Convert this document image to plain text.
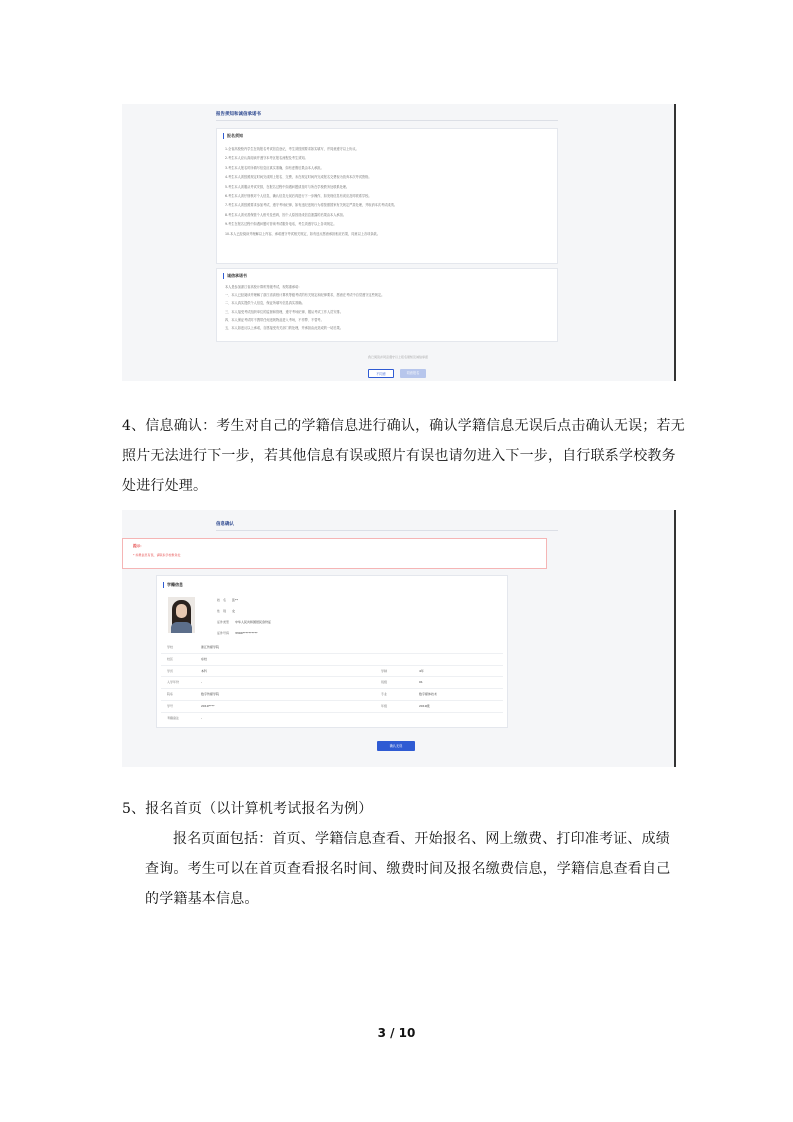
报告须知和诚信承诺书
报名须知
1.全省高校校内学生在线报名考试信息登记，考生须按照要求如实填写，并同意遵守以上协议。
2.考生本人应认真阅读并遵守本考区报名流程及考生须知。
3.考生本人报名时所填写信息应真实准确，如有虚假后果由本人承担。
4.考生本人须按照规定时间完成网上报名、交费，未在规定时间内完成报名交费视为放弃本次考试资格。
5.考生本人须服从考试安排，在报名过程中如遇问题请及时与所在学校教务处联系处理。
6.考生本人须仔细核对个人信息，确认信息无误后再进行下一步操作，如发现信息有误应及时联系学校。
7.考生本人须按照要求参加考试，遵守考场纪律，如有违纪违规行为将按照国家有关规定严肃处理，并取消本次考试成绩。
8.考生本人须妥善保管个人账号及密码，因个人原因造成信息泄露的后果由本人承担。
9.考生在报名过程中如遇问题可咨询考试服务电话，考生须遵守以上各项规定。
10.本人已经阅读并理解以上内容，承诺遵守考试相关规定，如有违反愿意承担相应后果，同意以上各项条款。
诚信承诺书
本人是参加浙江省高校计算机等级考试，现郑重承诺：
一、本人已经阅读并理解了浙江省高校计算机等级考试的有关规定和纪律要求，愿意在考试中自觉遵守这些规定。
二、本人真实提供个人信息，保证所填写信息真实准确。
三、本人接受考试组织单位的监督和管理，遵守考场纪律，服从考试工作人员安排。
四、本人保证考试时不携带任何违规物品进入考场，不作弊、不替考。
五、本人如违反以上承诺，自愿接受有关部门的处理，并承担由此造成的一切后果。
我已阅读并同意遵守以上报名须知及诚信承诺
不同意	同意报名
4、信息确认：考生对自己的学籍信息进行确认，确认学籍信息无误后点击确认无误；若无
照片无法进行下一步，若其他信息有误或照片有误也请勿进入下一步，自行联系学校教务
处进行处理。
信息确认
提示：
* 如果信息有误，请联系学校教务处
学籍信息
姓　名 张**
性　别 女
证件类型 中华人民共和国居民身份证
证件号码 3304**********
学校	浙江传媒学院
校区	东校
学历	本科	学制	4年
入学年份	-	班级	01
院系	数字传媒学院	专业	数字媒体技术
学号	2019****	年级	2019级
考籍备注	-
确认无误
5、报名首页（以计算机考试报名为例）
报名页面包括：首页、学籍信息查看、开始报名、网上缴费、打印准考证、成绩
查询。考生可以在首页查看报名时间、缴费时间及报名缴费信息，学籍信息查看自己
的学籍基本信息。
3 / 10
